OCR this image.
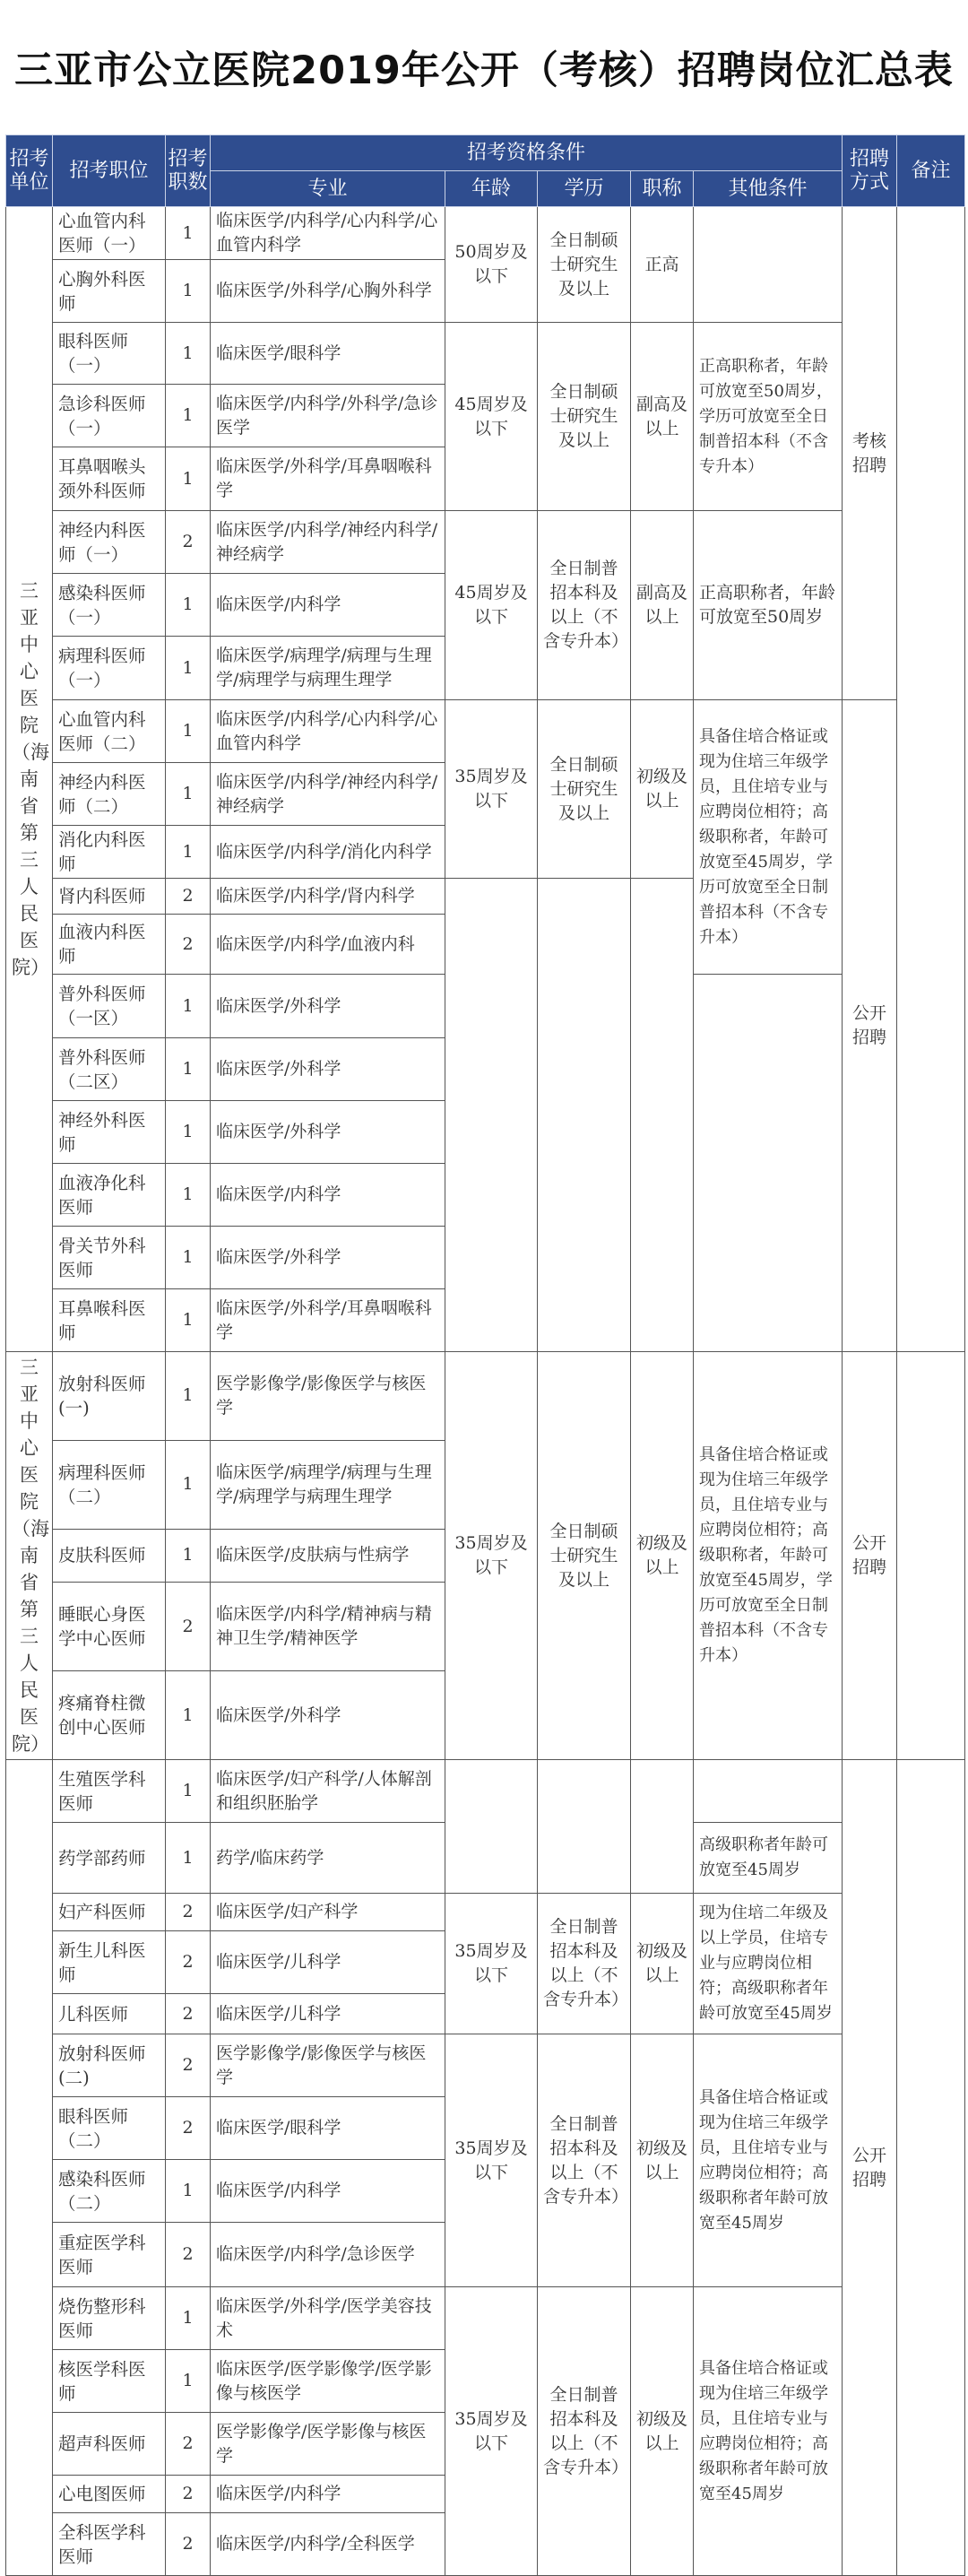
三亚市公立医院2019年公开（考核）招聘岗位汇总表
招考单位	招考职位	招考职数	招考资格条件					招聘方式	备注
			专业	年龄	学历	职称	其他条件		
三亚中心医院（海南省第三人民医院）	心血管内科医师（一）	1	临床医学/内科学/心内科学/心血管内科学	50周岁及以下	全日制硕士研究生及以上	正高		考核招聘	
	心胸外科医师	1	临床医学/外科学/心胸外科学						
	眼科医师（一）	1	临床医学/眼科学	45周岁及以下	全日制硕士研究生及以上	副高及以上	正高职称者，年龄可放宽至50周岁，学历可放宽至全日制普招本科（不含专升本）		
	急诊科医师（一）	1	临床医学/内科学/外科学/急诊医学						
	耳鼻咽喉头颈外科医师	1	临床医学/外科学/耳鼻咽喉科学						
	神经内科医师（一）	2	临床医学/内科学/神经内科学/神经病学	45周岁及以下	全日制普招本科及以上（不含专升本）	副高及以上	正高职称者，年龄可放宽至50周岁		
	感染科医师（一）	1	临床医学/内科学						
	病理科医师（一）	1	临床医学/病理学/病理与生理学/病理学与病理生理学						
	心血管内科医师（二）	1	临床医学/内科学/心内科学/心血管内科学	35周岁及以下	全日制硕士研究生及以上	初级及以上	具备住培合格证或现为住培三年级学员，且住培专业与应聘岗位相符；高级职称者，年龄可放宽至45周岁，学历可放宽至全日制普招本科（不含专升本）	公开招聘	
	神经内科医师（二）	1	临床医学/内科学/神经内科学/神经病学						
	消化内科医师	1	临床医学/内科学/消化内科学						
	肾内科医师	2	临床医学/内科学/肾内科学						
	血液内科医师	2	临床医学/内科学/血液内科						
	普外科医师（一区）	1	临床医学/外科学						
	普外科医师（二区）	1	临床医学/外科学						
	神经外科医师	1	临床医学/外科学						
	血液净化科医师	1	临床医学/内科学						
	骨关节外科医师	1	临床医学/外科学						
	耳鼻喉科医师	1	临床医学/外科学/耳鼻咽喉科学						
三亚中心医院（海南省第三人民医院）	放射科医师(一)	1	医学影像学/影像医学与核医学	35周岁及以下	全日制硕士研究生及以上	初级及以上	具备住培合格证或现为住培三年级学员，且住培专业与应聘岗位相符；高级职称者，年龄可放宽至45周岁，学历可放宽至全日制普招本科（不含专升本）	公开招聘	
	病理科医师（二）	1	临床医学/病理学/病理与生理学/病理学与病理生理学						
	皮肤科医师	1	临床医学/皮肤病与性病学						
	睡眠心身医学中心医师	2	临床医学/内科学/精神病与精神卫生学/精神医学						
	疼痛脊柱微创中心医师	1	临床医学/外科学						
	生殖医学科医师	1	临床医学/妇产科学/人体解剖和组织胚胎学					公开招聘	
	药学部药师	1	药学/临床药学				高级职称者年龄可放宽至45周岁		
	妇产科医师	2	临床医学/妇产科学	35周岁及以下	全日制普招本科及以上（不含专升本）	初级及以上	现为住培二年级及以上学员，住培专业与应聘岗位相符；高级职称者年龄可放宽至45周岁		
	新生儿科医师	2	临床医学/儿科学						
	儿科医师	2	临床医学/儿科学						
	放射科医师(二)	2	医学影像学/影像医学与核医学	35周岁及以下	全日制普招本科及以上（不含专升本）	初级及以上	具备住培合格证或现为住培三年级学员，且住培专业与应聘岗位相符；高级职称者年龄可放宽至45周岁		
	眼科医师（二）	2	临床医学/眼科学						
	感染科医师（二）	1	临床医学/内科学						
	重症医学科医师	2	临床医学/内科学/急诊医学						
	烧伤整形科医师	1	临床医学/外科学/医学美容技术	35周岁及以下	全日制普招本科及以上（不含专升本）	初级及以上	具备住培合格证或现为住培三年级学员，且住培专业与应聘岗位相符；高级职称者年龄可放宽至45周岁		
	核医学科医师	1	临床医学/医学影像学/医学影像与核医学						
	超声科医师	2	医学影像学/医学影像与核医学						
	心电图医师	2	临床医学/内科学						
	全科医学科医师	2	临床医学/内科学/全科医学						
